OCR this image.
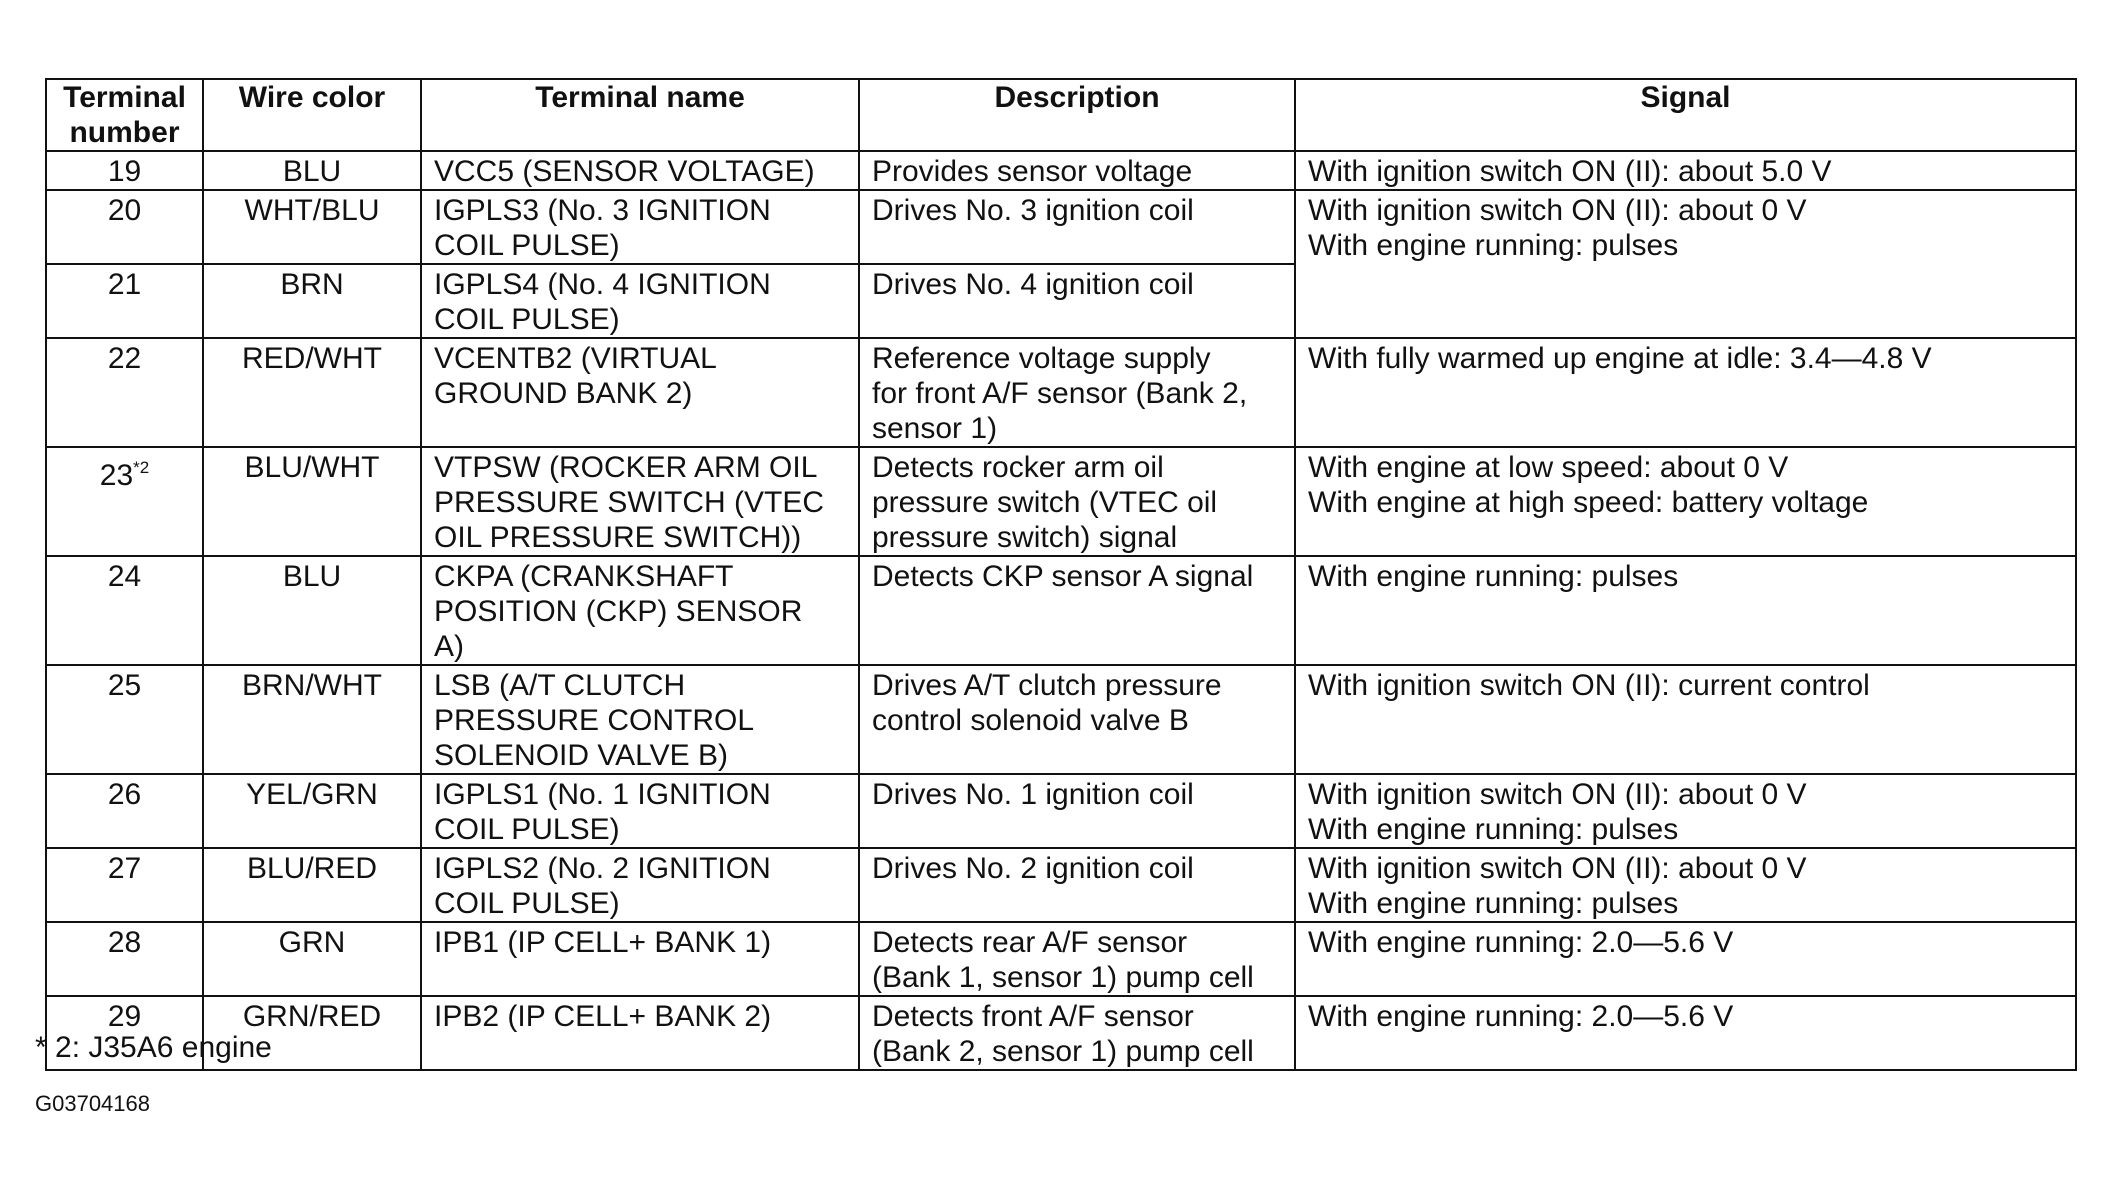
Terminal
number	Wire color	Terminal name	Description	Signal
19	BLU	VCC5 (SENSOR VOLTAGE)	Provides sensor voltage	With ignition switch ON (II): about 5.0 V
20	WHT/BLU	IGPLS3 (No. 3 IGNITION
COIL PULSE)	Drives No. 3 ignition coil	With ignition switch ON (II): about 0 V
With engine running: pulses
21	BRN	IGPLS4 (No. 4 IGNITION
COIL PULSE)	Drives No. 4 ignition coil	
22	RED/WHT	VCENTB2 (VIRTUAL
GROUND BANK 2)	Reference voltage supply
for front A/F sensor (Bank 2,
sensor 1)	With fully warmed up engine at idle: 3.4—4.8 V
23$^{*2}$	BLU/WHT	VTPSW (ROCKER ARM OIL
PRESSURE SWITCH (VTEC
OIL PRESSURE SWITCH))	Detects rocker arm oil
pressure switch (VTEC oil
pressure switch) signal	With engine at low speed: about 0 V
With engine at high speed: battery voltage
24	BLU	CKPA (CRANKSHAFT
POSITION (CKP) SENSOR
A)	Detects CKP sensor A signal	With engine running: pulses
25	BRN/WHT	LSB (A/T CLUTCH
PRESSURE CONTROL
SOLENOID VALVE B)	Drives A/T clutch pressure
control solenoid valve B	With ignition switch ON (II): current control
26	YEL/GRN	IGPLS1 (No. 1 IGNITION
COIL PULSE)	Drives No. 1 ignition coil	With ignition switch ON (II): about 0 V
With engine running: pulses
27	BLU/RED	IGPLS2 (No. 2 IGNITION
COIL PULSE)	Drives No. 2 ignition coil	With ignition switch ON (II): about 0 V
With engine running: pulses
28	GRN	IPB1 (IP CELL+ BANK 1)	Detects rear A/F sensor
(Bank 1, sensor 1) pump cell	With engine running: 2.0—5.6 V
29	GRN/RED	IPB2 (IP CELL+ BANK 2)	Detects front A/F sensor
(Bank 2, sensor 1) pump cell	With engine running: 2.0—5.6 V
* 2: J35A6 engine
G03704168
